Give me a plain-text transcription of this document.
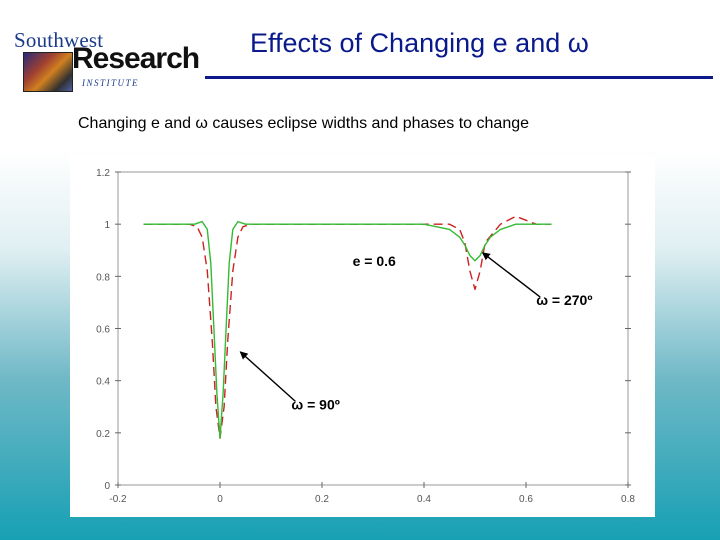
Southwest
Research
INSTITUTE
Effects of Changing e and ω
Changing e and ω causes eclipse widths and phases to change
0
0.2
0.4
0.6
0.8
1
1.2
-0.2	0	0.2	0.4	0.6	0.8
e = 0.6
ω = 270º
ω = 90º
